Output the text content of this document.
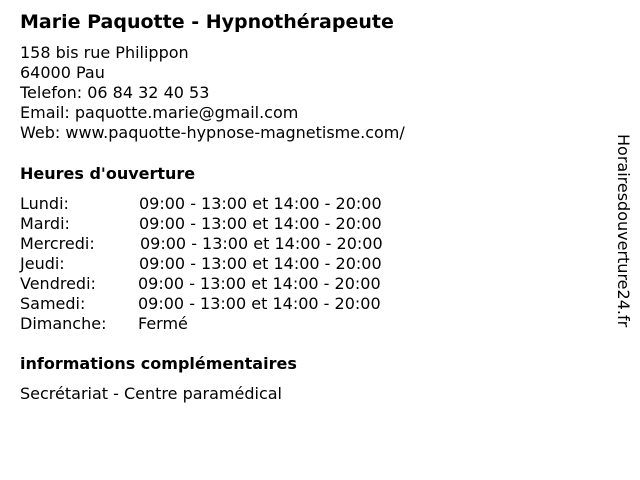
Marie Paquotte - Hypnothérapeute
158 bis rue Philippon
64000 Pau
Telefon: 06 84 32 40 53
Email: paquotte.marie@gmail.com
Web: www.paquotte-hypnose-magnetisme.com/
Heures d'ouverture
Lundi:	09:00 - 13:00 et 14:00 - 20:00
Mardi:	09:00 - 13:00 et 14:00 - 20:00
Mercredi:	09:00 - 13:00 et 14:00 - 20:00
Jeudi:	09:00 - 13:00 et 14:00 - 20:00
Vendredi:	09:00 - 13:00 et 14:00 - 20:00
Samedi:	09:00 - 13:00 et 14:00 - 20:00
Dimanche: Fermé
informations complémentaires
Secrétariat - Centre paramédical
Horairesdouverture24.fr
